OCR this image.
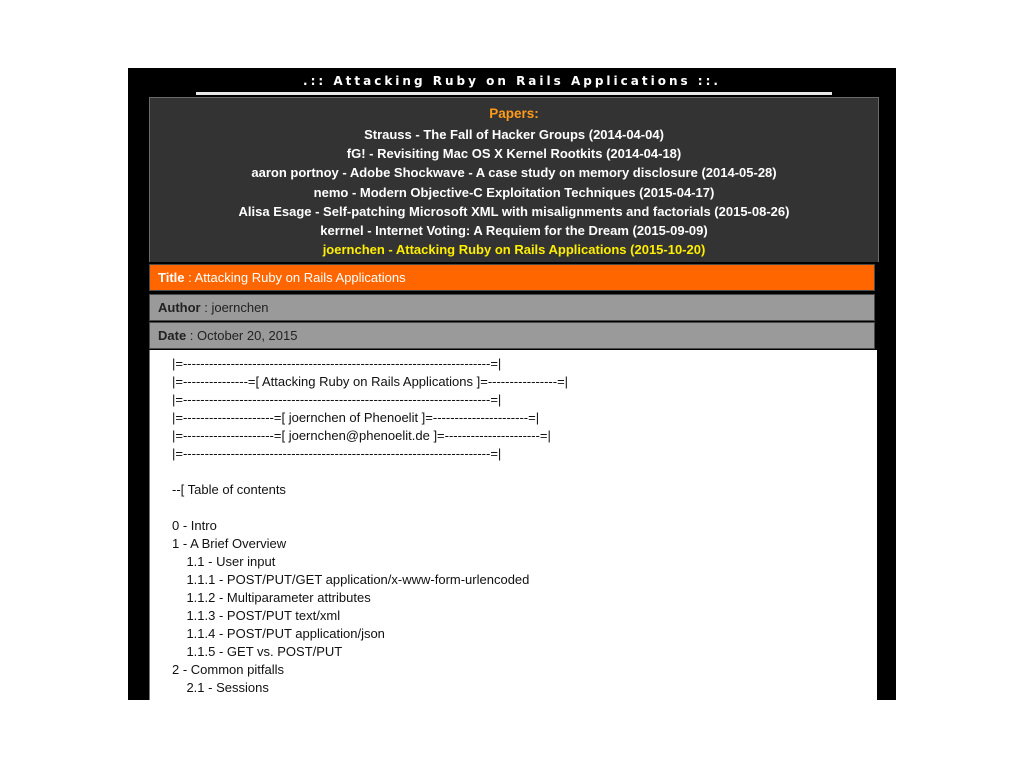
.:: Attacking Ruby on Rails Applications ::.
Papers:
Strauss - The Fall of Hacker Groups (2014-04-04)
fG! - Revisiting Mac OS X Kernel Rootkits (2014-04-18)
aaron portnoy - Adobe Shockwave - A case study on memory disclosure (2014-05-28)
nemo - Modern Objective-C Exploitation Techniques (2015-04-17)
Alisa Esage - Self-patching Microsoft XML with misalignments and factorials (2015-08-26)
kerrnel - Internet Voting: A Requiem for the Dream (2015-09-09)
joernchen - Attacking Ruby on Rails Applications (2015-10-20)
Title : Attacking Ruby on Rails Applications
Author : joernchen
Date : October 20, 2015
|=-----------------------------------------------------------------------=|
|=---------------=[ Attacking Ruby on Rails Applications ]=----------------=|
|=-----------------------------------------------------------------------=|
|=---------------------=[ joernchen of Phenoelit ]=----------------------=|
|=---------------------=[ joernchen@phenoelit.de ]=----------------------=|
|=-----------------------------------------------------------------------=|
--[ Table of contents

0 - Intro
1 - A Brief Overview
1.1 - User input
1.1.1 - POST/PUT/GET application/x-www-form-urlencoded
1.1.2 - Multiparameter attributes
1.1.3 - POST/PUT text/xml
1.1.4 - POST/PUT application/json
1.1.5 - GET vs. POST/PUT
2 - Common pitfalls
2.1 - Sessions
